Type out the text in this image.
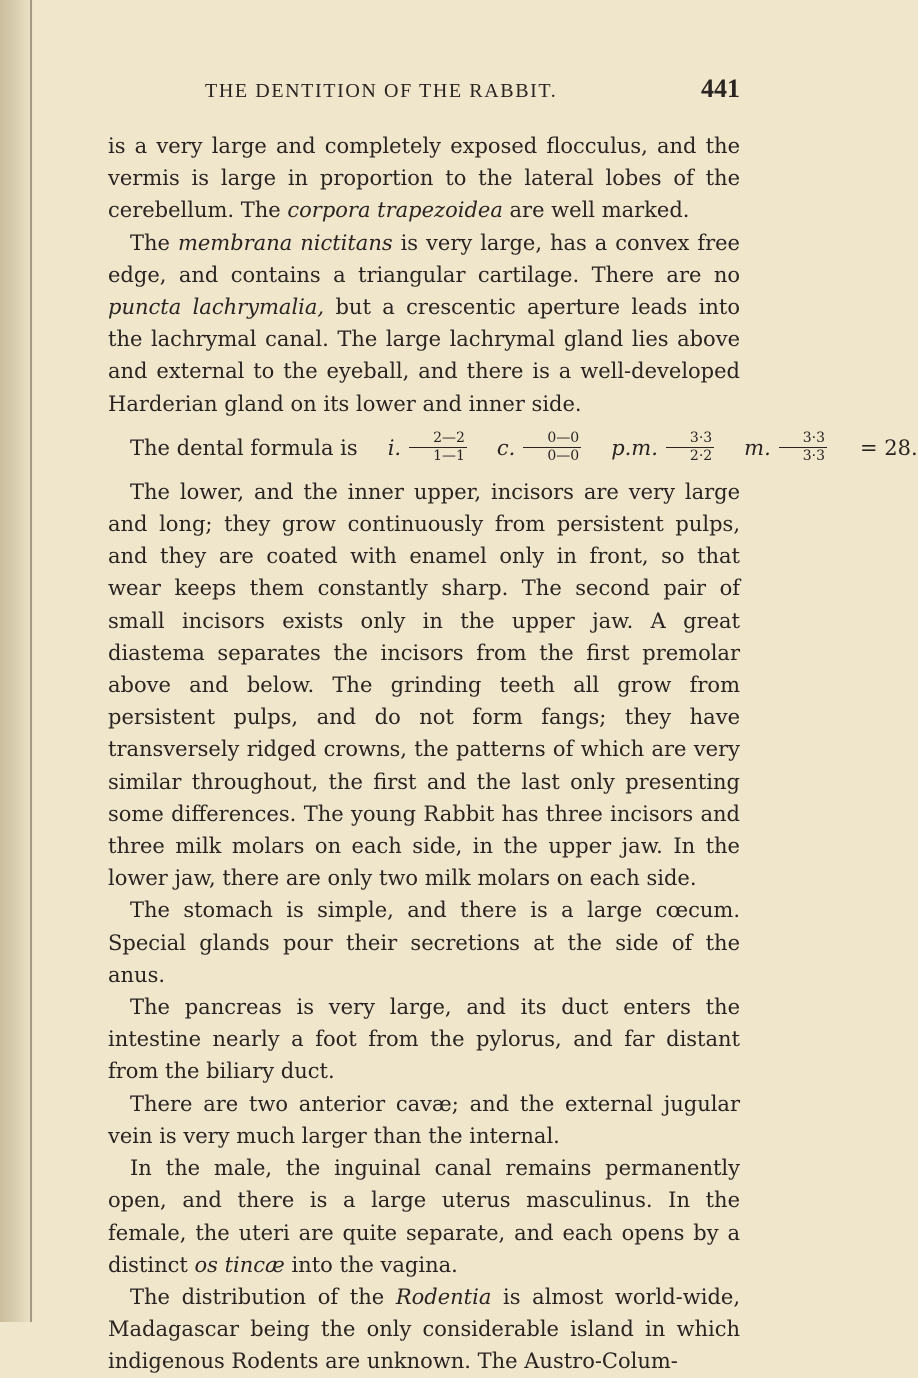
THE DENTITION OF THE RABBIT.	441

is a very large and completely exposed flocculus, and the vermis is large in proportion to the lateral lobes of the cerebellum. The corpora trapezoidea are well marked.

The membrana nictitans is very large, has a convex free edge, and contains a triangular cartilage. There are no puncta lachrymalia, but a crescentic aperture leads into the lachrymal canal. The large lachrymal gland lies above and external to the eyeball, and there is a well-developed Harderian gland on its lower and inner side.

The dental formula is	i. $\frac{2—2}{1—1}$	c. $\frac{0—0}{0—0}$	p.m. $\frac{3\cdot 3}{2\cdot 2}$	m. $\frac{3\cdot 3}{3\cdot 3}$	= 28.

The lower, and the inner upper, incisors are very large and long; they grow continuously from persistent pulps, and they are coated with enamel only in front, so that wear keeps them constantly sharp. The second pair of small incisors exists only in the upper jaw. A great diastema separates the incisors from the first premolar above and below. The grinding teeth all grow from persistent pulps, and do not form fangs; they have transversely ridged crowns, the patterns of which are very similar throughout, the first and the last only presenting some differences. The young Rabbit has three incisors and three milk molars on each side, in the upper jaw. In the lower jaw, there are only two milk molars on each side.

The stomach is simple, and there is a large cœcum. Special glands pour their secretions at the side of the anus.

The pancreas is very large, and its duct enters the intestine nearly a foot from the pylorus, and far distant from the biliary duct.

There are two anterior cavæ; and the external jugular vein is very much larger than the internal.

In the male, the inguinal canal remains permanently open, and there is a large uterus masculinus. In the female, the uteri are quite separate, and each opens by a distinct os tincæ into the vagina.

The distribution of the Rodentia is almost world-wide, Madagascar being the only considerable island in which indigenous Rodents are unknown. The Austro-Colum-
